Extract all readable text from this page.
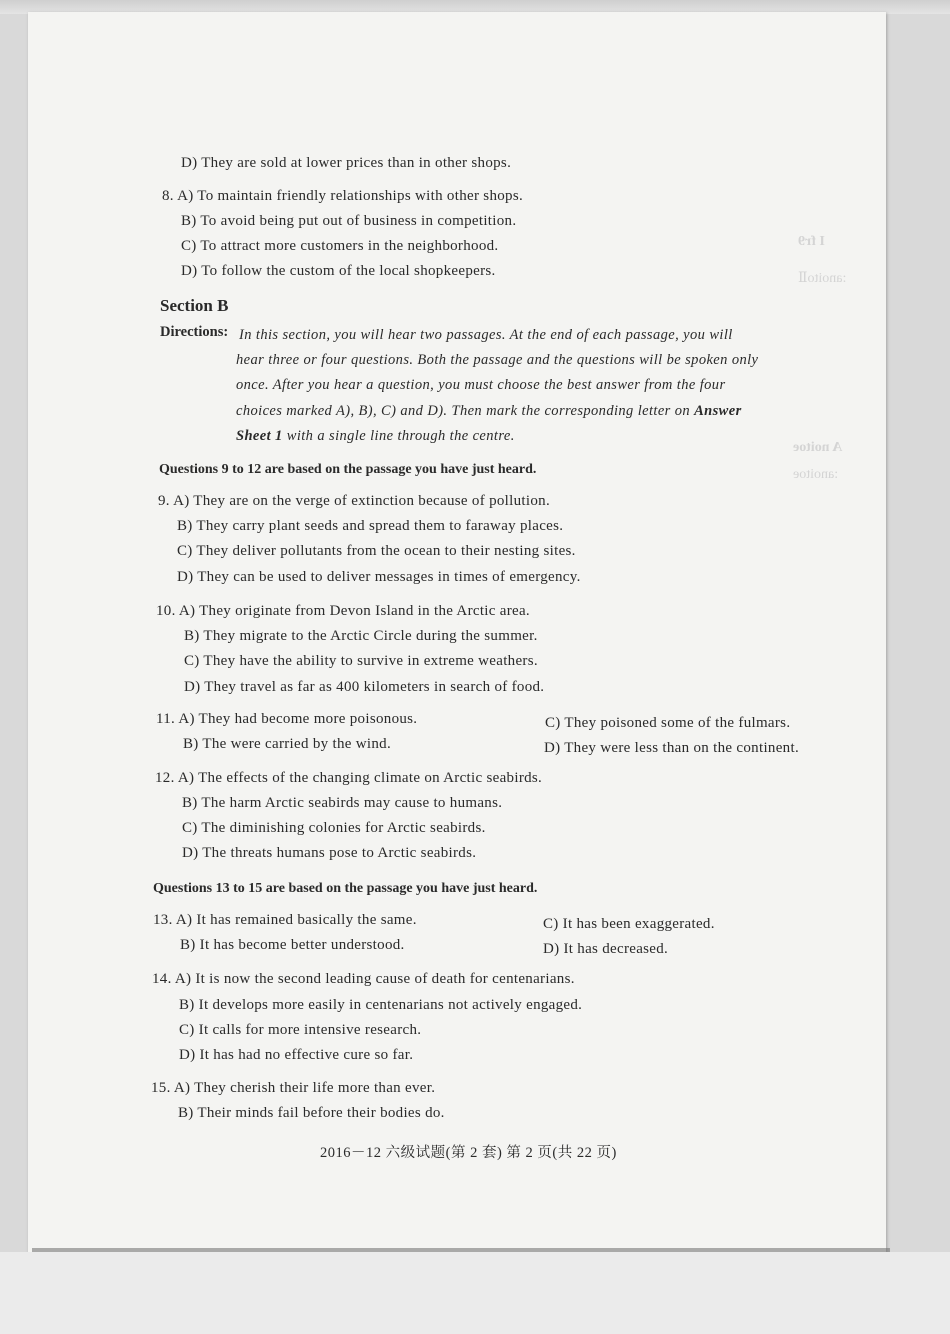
I fr9
:anoitoⅡ
A noitoe
:anoitoe
D) They are sold at lower prices than in other shops.
8. A) To maintain friendly relationships with other shops.
B) To avoid being put out of business in competition.
C) To attract more customers in the neighborhood.
D) To follow the custom of the local shopkeepers.
Section B
Directions: In this section, you will hear two passages. At the end of each passage, you will
hear three or four questions. Both the passage and the questions will be spoken only
once. After you hear a question, you must choose the best answer from the four
choices marked A), B), C) and D). Then mark the corresponding letter on Answer
Sheet 1 with a single line through the centre.
Questions 9 to 12 are based on the passage you have just heard.
9. A) They are on the verge of extinction because of pollution.
B) They carry plant seeds and spread them to faraway places.
C) They deliver pollutants from the ocean to their nesting sites.
D) They can be used to deliver messages in times of emergency.
10. A) They originate from Devon Island in the Arctic area.
B) They migrate to the Arctic Circle during the summer.
C) They have the ability to survive in extreme weathers.
D) They travel as far as 400 kilometers in search of food.
11. A) They had become more poisonous.
B) The were carried by the wind.
C) They poisoned some of the fulmars.
D) They were less than on the continent.
12. A) The effects of the changing climate on Arctic seabirds.
B) The harm Arctic seabirds may cause to humans.
C) The diminishing colonies for Arctic seabirds.
D) The threats humans pose to Arctic seabirds.
Questions 13 to 15 are based on the passage you have just heard.
13. A) It has remained basically the same.
B) It has become better understood.
C) It has been exaggerated.
D) It has decreased.
14. A) It is now the second leading cause of death for centenarians.
B) It develops more easily in centenarians not actively engaged.
C) It calls for more intensive research.
D) It has had no effective cure so far.
15. A) They cherish their life more than ever.
B) Their minds fail before their bodies do.
2016－12 六级试题(第 2 套) 第 2 页(共 22 页)
